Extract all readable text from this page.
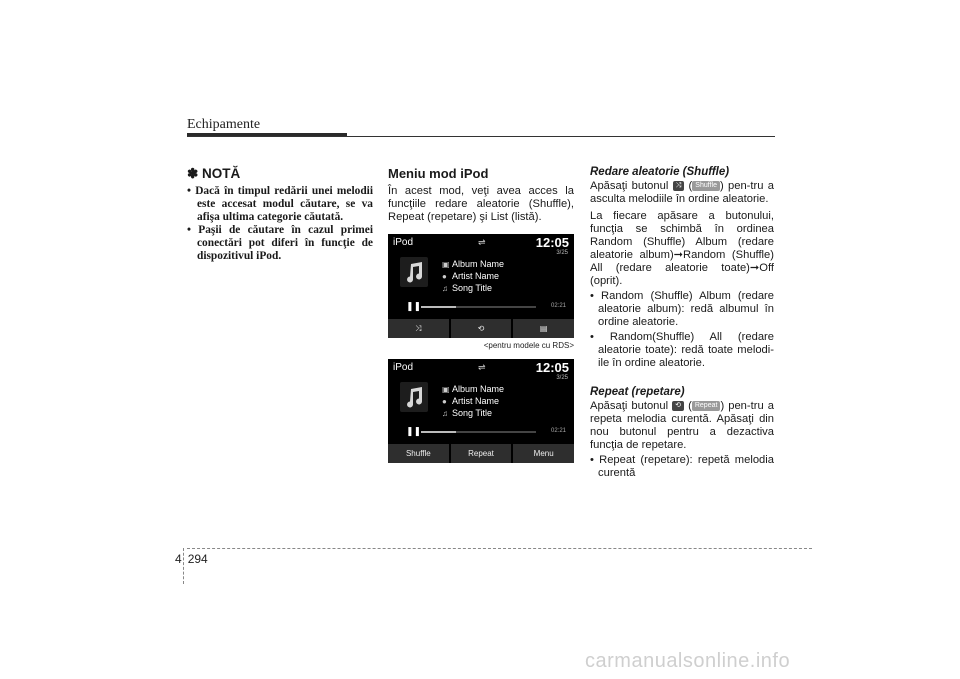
Echipamente
✽ NOTĂ
• Dacă în timpul redării unei melodii este accesat modul căutare, se va afişa ultima categorie căutată.
• Paşii de căutare în cazul primei conectări pot diferi în funcţie de dispozitivul iPod.
Meniu mod iPod

În acest mod, veţi avea acces la funcţiile redare aleatorie (Shuffle), Repeat (repetare) şi List (listă).

iPod	⇌	12:05
3/25
▣ Album Name
● Artist Name
♫ Song Title
❚❚	02:21
⤨	⟲	▤
<pentru modele cu RDS>
iPod	⇌	12:05
3/25
▣ Album Name
● Artist Name
♫ Song Title
❚❚	02:21
Shuffle	Repeat	Menu
Redare aleatorie (Shuffle)

Apăsaţi butonul ⤨ ( Shuffle ) pen-tru a asculta melodiile în ordine aleatorie.

La fiecare apăsare a butonului, funcţia se schimbă în ordinea Random (Shuffle) Album (redare aleatorie album)➞Random (Shuffle) All (redare aleatorie toate)➞Off (oprit).

• Random (Shuffle) Album (redare aleatorie album): redă albumul în ordine aleatorie.

• Random(Shuffle) All (redare aleatorie toate): redă toate melodi-ile în ordine aleatorie.

Repeat (repetare)

Apăsaţi butonul ⟲ ( Repeat ) pen-tru a repeta melodia curentă. Apăsaţi din nou butonul pentru a dezactiva funcţia de repetare.

• Repeat (repetare): repetă melodia curentă

4 294
carmanualsonline.info
